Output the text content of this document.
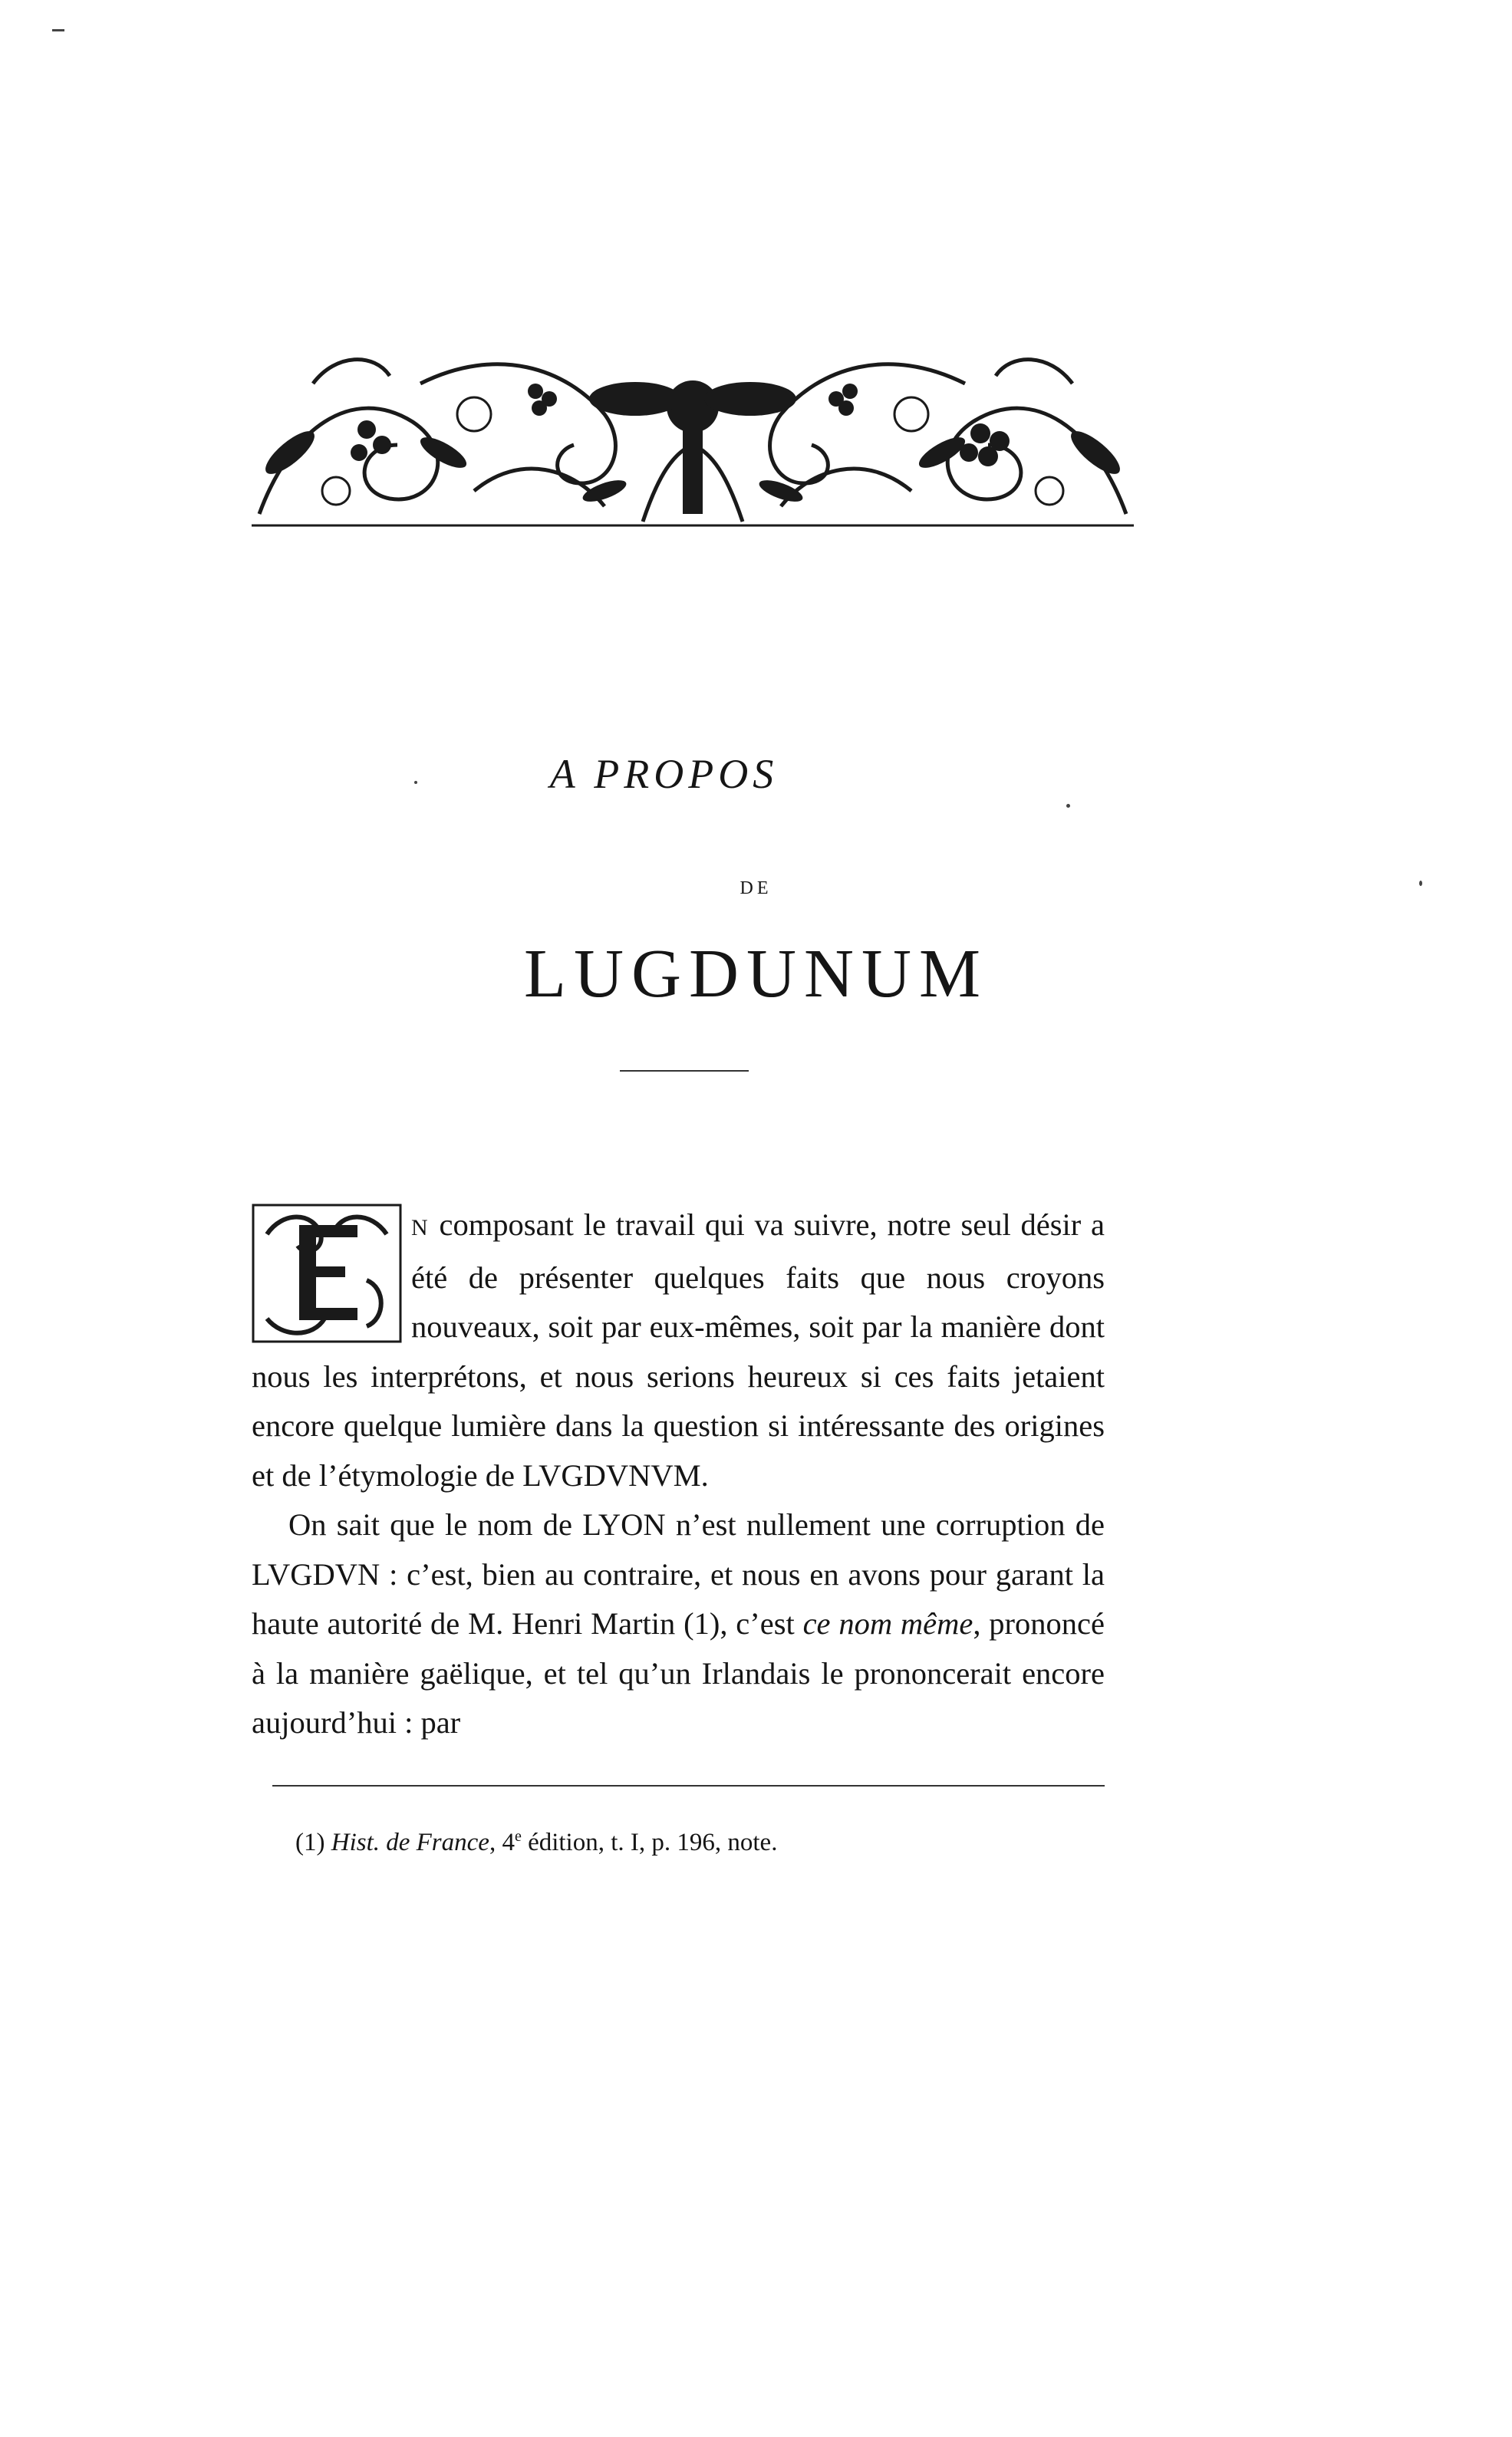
A PROPOS
DE
LUGDUNUM

E
N composant le travail qui va suivre, notre seul désir a été de présenter quelques faits que nous croyons nouveaux, soit par eux-mêmes, soit par la manière dont nous les interprétons, et nous serions heureux si ces faits jetaient encore quelque lumière dans la question si intéressante des origines et de l’étymologie de LVGDVNVM.

On sait que le nom de LYON n’est nullement une corruption de LVGDVN : c’est, bien au contraire, et nous en avons pour garant la haute autorité de M. Henri Martin (1), c’est ce nom même, prononcé à la manière gaëlique, et tel qu’un Irlandais le prononcerait encore aujourd’hui : par

(1) Hist. de France, 4e édition, t. I, p. 196, note.
